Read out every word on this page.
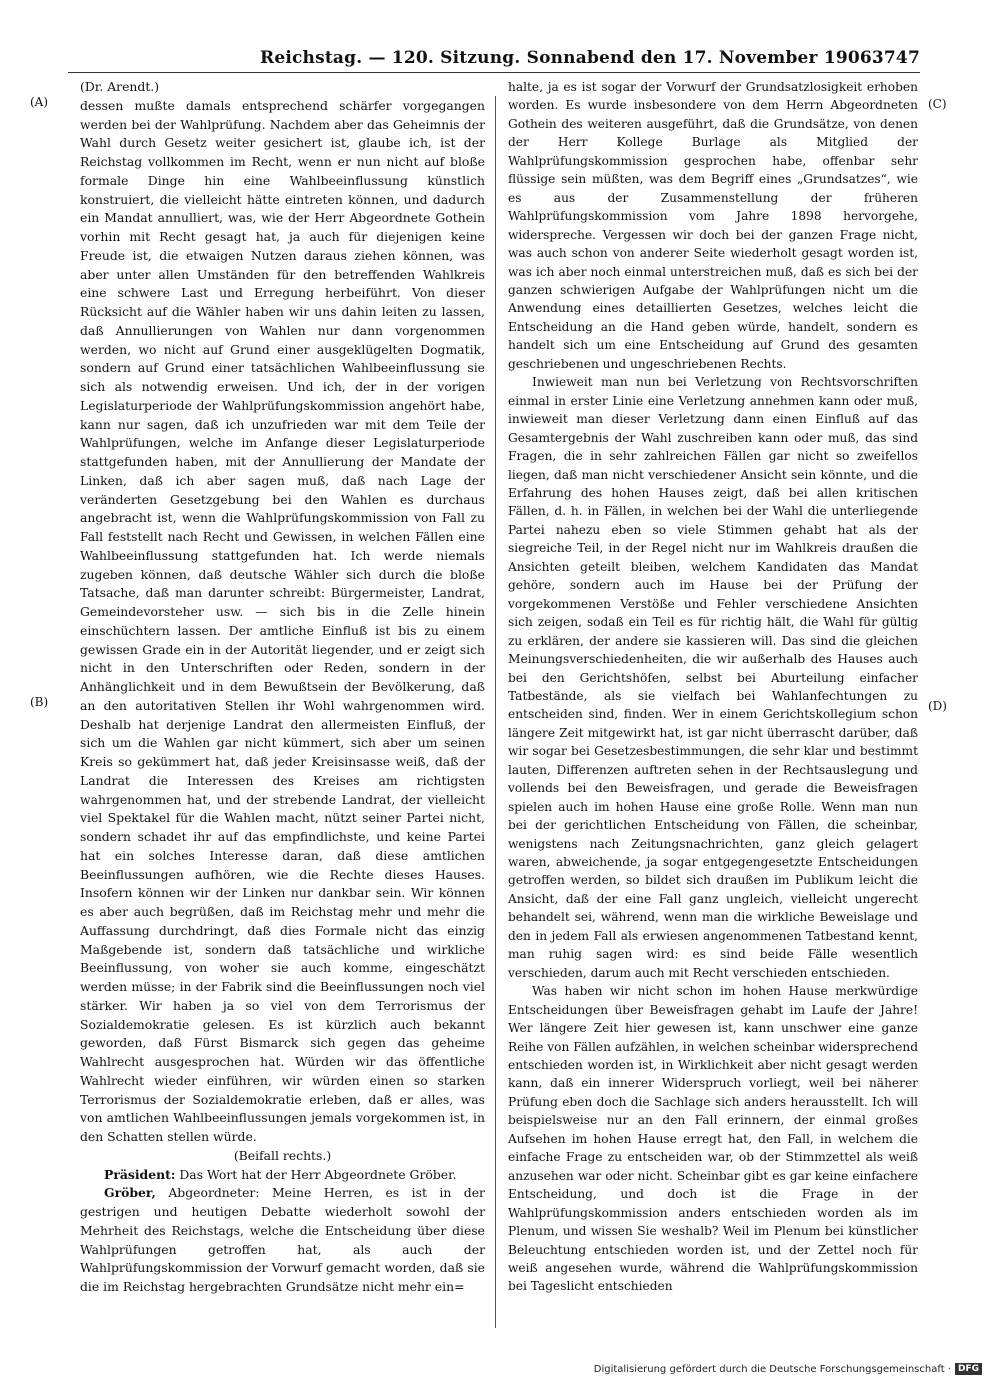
Reichstag. — 120. Sitzung. Sonnabend den 17. November 1906.
3747
(A)
(B)
(C)
(D)

(Dr. Arendt.)

dessen mußte damals entsprechend schärfer vorgegangen werden bei der Wahlprüfung. Nachdem aber das Geheimnis der Wahl durch Gesetz weiter gesichert ist, glaube ich, ist der Reichstag vollkommen im Recht, wenn er nun nicht auf bloße formale Dinge hin eine Wahlbeeinflussung künstlich konstruiert, die vielleicht hätte eintreten können, und dadurch ein Mandat annulliert, was, wie der Herr Abgeordnete Gothein vorhin mit Recht gesagt hat, ja auch für diejenigen keine Freude ist, die etwaigen Nutzen daraus ziehen können, was aber unter allen Umständen für den betreffenden Wahlkreis eine schwere Last und Erregung herbeiführt. Von dieser Rücksicht auf die Wähler haben wir uns dahin leiten zu lassen, daß Annullierungen von Wahlen nur dann vorgenommen werden, wo nicht auf Grund einer ausgeklügelten Dogmatik, sondern auf Grund einer tatsächlichen Wahlbeeinflussung sie sich als notwendig erweisen. Und ich, der in der vorigen Legislaturperiode der Wahlprüfungskommission angehört habe, kann nur sagen, daß ich unzufrieden war mit dem Teile der Wahlprüfungen, welche im Anfange dieser Legislaturperiode stattgefunden haben, mit der Annullierung der Mandate der Linken, daß ich aber sagen muß, daß nach Lage der veränderten Gesetzgebung bei den Wahlen es durchaus angebracht ist, wenn die Wahlprüfungskommission von Fall zu Fall feststellt nach Recht und Gewissen, in welchen Fällen eine Wahlbeeinflussung stattgefunden hat. Ich werde niemals zugeben können, daß deutsche Wähler sich durch die bloße Tatsache, daß man darunter schreibt: Bürgermeister, Landrat, Gemeindevorsteher usw. — sich bis in die Zelle hinein einschüchtern lassen. Der amtliche Einfluß ist bis zu einem gewissen Grade ein in der Autorität liegender, und er zeigt sich nicht in den Unterschriften oder Reden, sondern in der Anhänglichkeit und in dem Bewußtsein der Bevölkerung, daß an den autoritativen Stellen ihr Wohl wahrgenommen wird. Deshalb hat derjenige Landrat den allermeisten Einfluß, der sich um die Wahlen gar nicht kümmert, sich aber um seinen Kreis so gekümmert hat, daß jeder Kreisinsasse weiß, daß der Landrat die Interessen des Kreises am richtigsten wahrgenommen hat, und der strebende Landrat, der vielleicht viel Spektakel für die Wahlen macht, nützt seiner Partei nicht, sondern schadet ihr auf das empfindlichste, und keine Partei hat ein solches Interesse daran, daß diese amtlichen Beeinflussungen aufhören, wie die Rechte dieses Hauses. Insofern können wir der Linken nur dankbar sein. Wir können es aber auch begrüßen, daß im Reichstag mehr und mehr die Auffassung durchdringt, daß dies Formale nicht das einzig Maßgebende ist, sondern daß tatsächliche und wirkliche Beeinflussung, von woher sie auch komme, eingeschätzt werden müsse; in der Fabrik sind die Beeinflussungen noch viel stärker. Wir haben ja so viel von dem Terrorismus der Sozialdemokratie gelesen. Es ist kürzlich auch bekannt geworden, daß Fürst Bismarck sich gegen das geheime Wahlrecht ausgesprochen hat. Würden wir das öffentliche Wahlrecht wieder einführen, wir würden einen so starken Terrorismus der Sozialdemokratie erleben, daß er alles, was von amtlichen Wahlbeeinflussungen jemals vorgekommen ist, in den Schatten stellen würde.

(Beifall rechts.)

Präsident: Das Wort hat der Herr Abgeordnete Gröber.

Gröber, Abgeordneter: Meine Herren, es ist in der gestrigen und heutigen Debatte wiederholt sowohl der Mehrheit des Reichstags, welche die Entscheidung über diese Wahlprüfungen getroffen hat, als auch der Wahlprüfungskommission der Vorwurf gemacht worden, daß sie die im Reichstag hergebrachten Grundsätze nicht mehr ein=

halte, ja es ist sogar der Vorwurf der Grundsatzlosigkeit erhoben worden. Es wurde insbesondere von dem Herrn Abgeordneten Gothein des weiteren ausgeführt, daß die Grundsätze, von denen der Herr Kollege Burlage als Mitglied der Wahlprüfungskommission gesprochen habe, offenbar sehr flüssige sein müßten, was dem Begriff eines „Grundsatzes“, wie es aus der Zusammenstellung der früheren Wahlprüfungskommission vom Jahre 1898 hervorgehe, widerspreche. Vergessen wir doch bei der ganzen Frage nicht, was auch schon von anderer Seite wiederholt gesagt worden ist, was ich aber noch einmal unterstreichen muß, daß es sich bei der ganzen schwierigen Aufgabe der Wahlprüfungen nicht um die Anwendung eines detaillierten Gesetzes, welches leicht die Entscheidung an die Hand geben würde, handelt, sondern es handelt sich um eine Entscheidung auf Grund des gesamten geschriebenen und ungeschriebenen Rechts.

Inwieweit man nun bei Verletzung von Rechtsvorschriften einmal in erster Linie eine Verletzung annehmen kann oder muß, inwieweit man dieser Verletzung dann einen Einfluß auf das Gesamtergebnis der Wahl zuschreiben kann oder muß, das sind Fragen, die in sehr zahlreichen Fällen gar nicht so zweifellos liegen, daß man nicht verschiedener Ansicht sein könnte, und die Erfahrung des hohen Hauses zeigt, daß bei allen kritischen Fällen, d. h. in Fällen, in welchen bei der Wahl die unterliegende Partei nahezu eben so viele Stimmen gehabt hat als der siegreiche Teil, in der Regel nicht nur im Wahlkreis draußen die Ansichten geteilt bleiben, welchem Kandidaten das Mandat gehöre, sondern auch im Hause bei der Prüfung der vorgekommenen Verstöße und Fehler verschiedene Ansichten sich zeigen, sodaß ein Teil es für richtig hält, die Wahl für gültig zu erklären, der andere sie kassieren will. Das sind die gleichen Meinungsverschiedenheiten, die wir außerhalb des Hauses auch bei den Gerichtshöfen, selbst bei Aburteilung einfacher Tatbestände, als sie vielfach bei Wahlanfechtungen zu entscheiden sind, finden. Wer in einem Gerichtskollegium schon längere Zeit mitgewirkt hat, ist gar nicht überrascht darüber, daß wir sogar bei Gesetzesbestimmungen, die sehr klar und bestimmt lauten, Differenzen auftreten sehen in der Rechtsauslegung und vollends bei den Beweisfragen, und gerade die Beweisfragen spielen auch im hohen Hause eine große Rolle. Wenn man nun bei der gerichtlichen Entscheidung von Fällen, die scheinbar, wenigstens nach Zeitungsnachrichten, ganz gleich gelagert waren, abweichende, ja sogar entgegengesetzte Entscheidungen getroffen werden, so bildet sich draußen im Publikum leicht die Ansicht, daß der eine Fall ganz ungleich, vielleicht ungerecht behandelt sei, während, wenn man die wirkliche Beweislage und den in jedem Fall als erwiesen angenommenen Tatbestand kennt, man ruhig sagen wird: es sind beide Fälle wesentlich verschieden, darum auch mit Recht verschieden entschieden.

Was haben wir nicht schon im hohen Hause merkwürdige Entscheidungen über Beweisfragen gehabt im Laufe der Jahre! Wer längere Zeit hier gewesen ist, kann unschwer eine ganze Reihe von Fällen aufzählen, in welchen scheinbar widersprechend entschieden worden ist, in Wirklichkeit aber nicht gesagt werden kann, daß ein innerer Widerspruch vorliegt, weil bei näherer Prüfung eben doch die Sachlage sich anders herausstellt. Ich will beispielsweise nur an den Fall erinnern, der einmal großes Aufsehen im hohen Hause erregt hat, den Fall, in welchem die einfache Frage zu entscheiden war, ob der Stimmzettel als weiß anzusehen war oder nicht. Scheinbar gibt es gar keine einfachere Entscheidung, und doch ist die Frage in der Wahlprüfungskommission anders entschieden worden als im Plenum, und wissen Sie weshalb? Weil im Plenum bei künstlicher Beleuchtung entschieden worden ist, und der Zettel noch für weiß angesehen wurde, während die Wahlprüfungskommission bei Tageslicht entschieden

Digitalisierung gefördert durch die Deutsche Forschungsgemeinschaft · DFG
